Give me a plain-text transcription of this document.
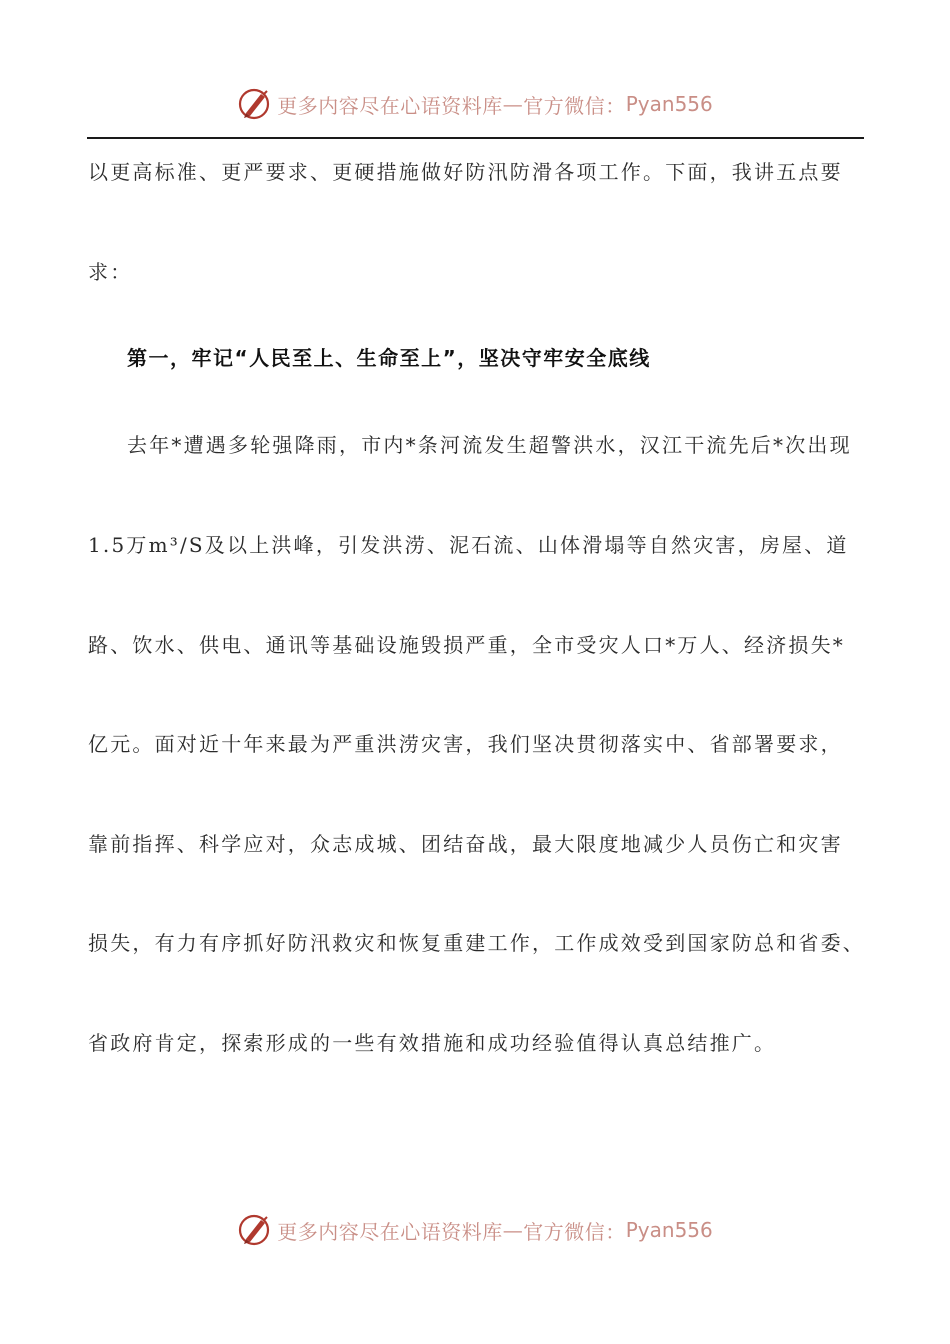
更多内容尽在心语资料库 — 官方微信： Pyan556
以更高标准、更严要求、更硬措施做好防汛防滑各项工作。下面，我讲五点要
求：
第一，牢记“人民至上、生命至上”，坚决守牢安全底线
去年*遭遇多轮强降雨，市内*条河流发生超警洪水，汉江干流先后*次出现
1.5万m³/S及以上洪峰，引发洪涝、泥石流、山体滑塌等自然灾害，房屋、道
路、饮水、供电、通讯等基础设施毁损严重，全市受灾人口*万人、经济损失*
亿元。面对近十年来最为严重洪涝灾害，我们坚决贯彻落实中、省部署要求，
靠前指挥、科学应对，众志成城、团结奋战，最大限度地减少人员伤亡和灾害
损失，有力有序抓好防汛救灾和恢复重建工作，工作成效受到国家防总和省委、
省政府肯定，探索形成的一些有效措施和成功经验值得认真总结推广。
更多内容尽在心语资料库 — 官方微信： Pyan556
